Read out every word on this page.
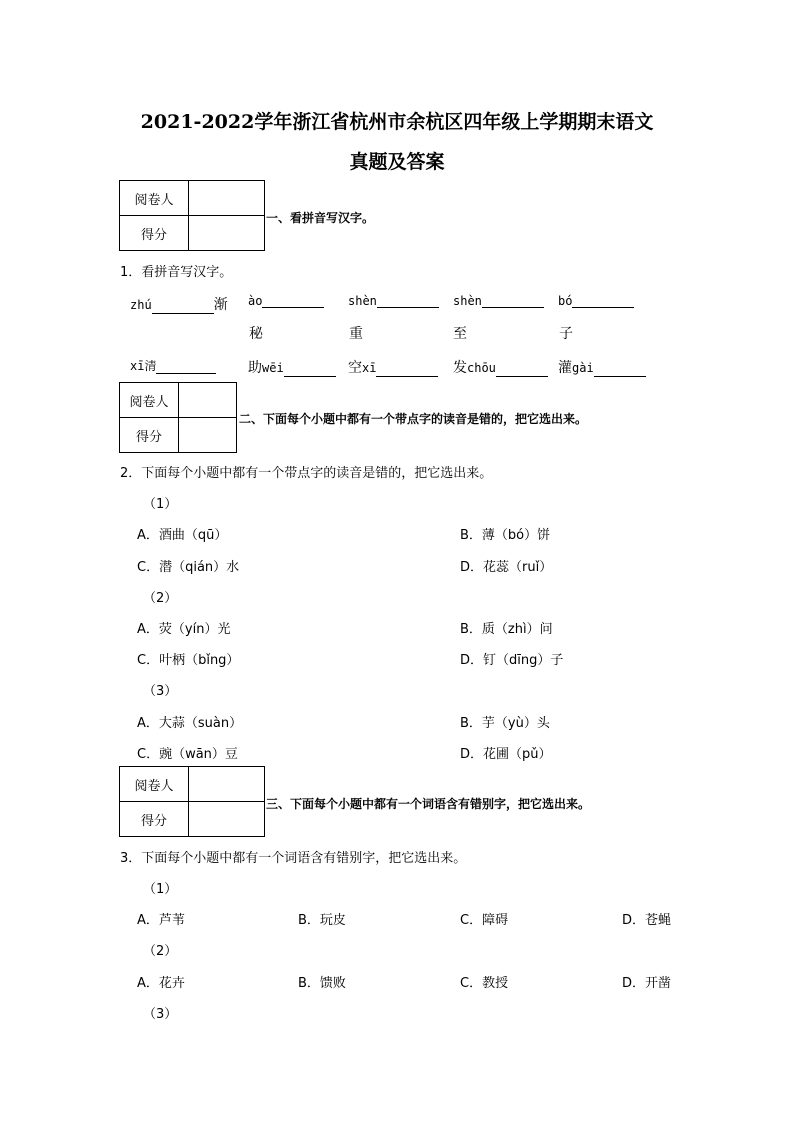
2021-2022学年浙江省杭州市余杭区四年级上学期期末语文
真题及答案
阅卷人	
得分	
一、看拼音写汉字。
1．看拼音写汉字。
zhú	渐 ào	shèn	shèn	bó
秘	重	至	子
xī清	助wēi	空xī	发chōu	灌gài
阅卷人	
得分	
二、下面每个小题中都有一个带点字的读音是错的，把它选出来。
2．下面每个小题中都有一个带点字的读音是错的，把它选出来。
（1）
A．酒曲（qū）	B．薄（bó）饼
C．潜（qián）水	D．花蕊（ruǐ）
（2）
A．荧（yín）光	B．质（zhì）问
C．叶柄（bǐng）	D．钉（dīng）子
（3）
A．大蒜（suàn）	B．芋（yù）头
C．豌（wān）豆	D．花圃（pǔ）
阅卷人	
得分	
三、下面每个小题中都有一个词语含有错别字，把它选出来。
3．下面每个小题中都有一个词语含有错别字，把它选出来。
（1）
A．芦苇	B．玩皮	C．障碍	D．苍蝇
（2）
A．花卉	B．馈败	C．教授	D．开凿
（3）
